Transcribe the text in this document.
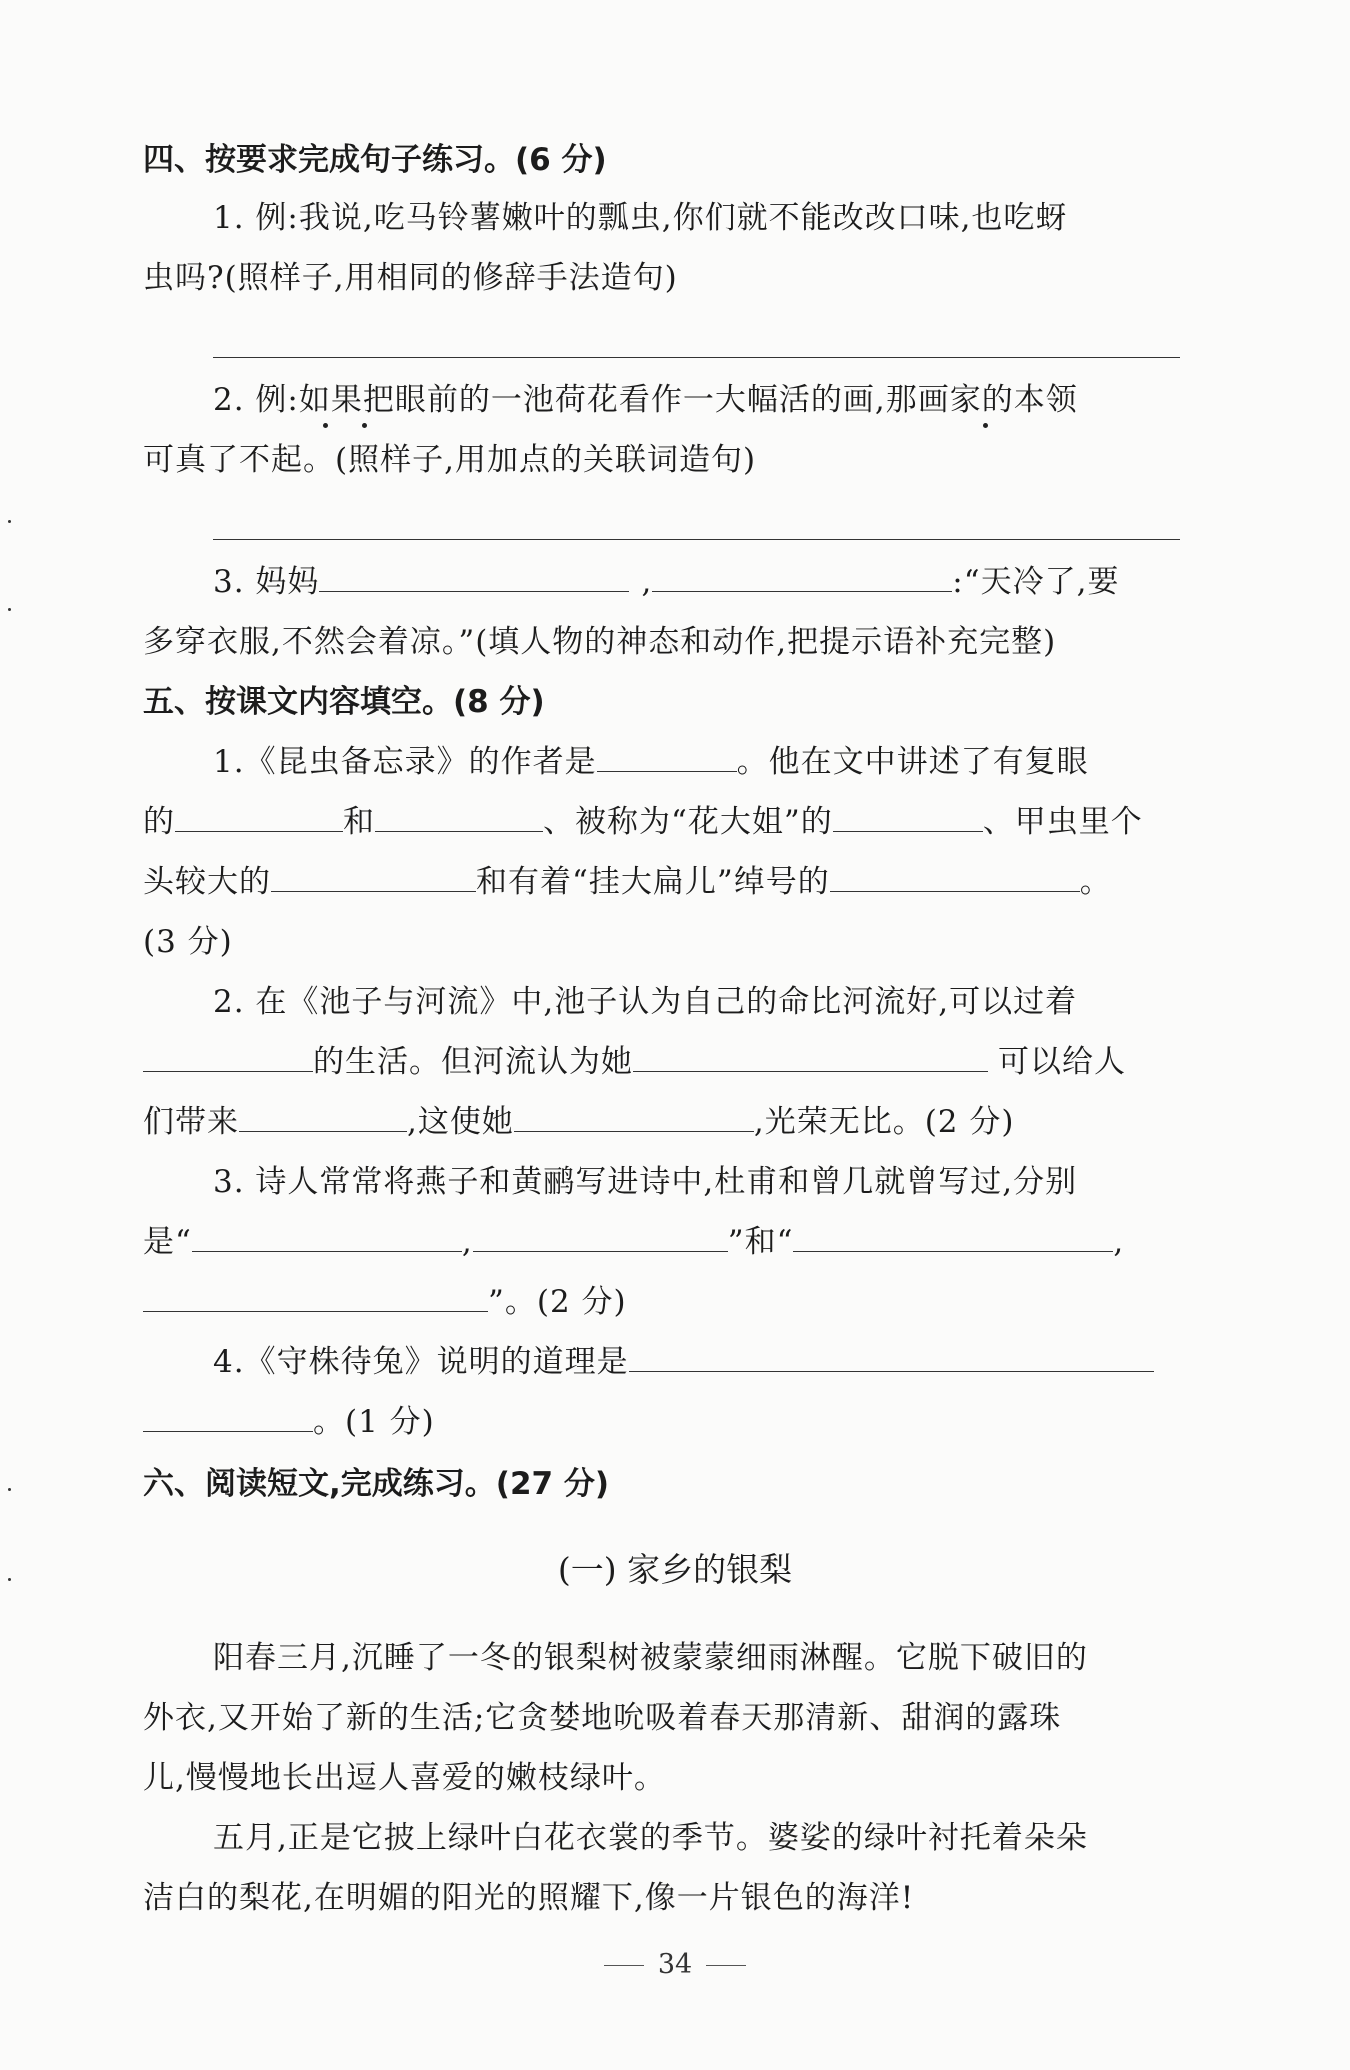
四、按要求完成句子练习。(6 分)
1. 例:我说,吃马铃薯嫩叶的瓢虫,你们就不能改改口味,也吃蚜
虫吗?(照样子,用相同的修辞手法造句)
2. 例:如果把眼前的一池荷花看作一大幅活的画,那画家的本领
可真了不起。(照样子,用加点的关联词造句)
3. 妈妈	,	:“天冷了,要
多穿衣服,不然会着凉。”(填人物的神态和动作,把提示语补充完整)
五、按课文内容填空。(8 分)
1.《昆虫备忘录》的作者是	。他在文中讲述了有复眼
的	和	、被称为“花大姐”的	、甲虫里个
头较大的	和有着“挂大扁儿”绰号的	。
(3 分)
2. 在《池子与河流》中,池子认为自己的命比河流好,可以过着
的生活。但河流认为她	可以给人
们带来	,这使她	,光荣无比。(2 分)
3. 诗人常常将燕子和黄鹂写进诗中,杜甫和曾几就曾写过,分别
是“	,	”和“	,
”。(2 分)
4.《守株待兔》说明的道理是
。(1 分)
六、阅读短文,完成练习。(27 分)
(一) 家乡的银梨
阳春三月,沉睡了一冬的银梨树被蒙蒙细雨淋醒。它脱下破旧的
外衣,又开始了新的生活;它贪婪地吮吸着春天那清新、甜润的露珠
儿,慢慢地长出逗人喜爱的嫩枝绿叶。
五月,正是它披上绿叶白花衣裳的季节。婆娑的绿叶衬托着朵朵
洁白的梨花,在明媚的阳光的照耀下,像一片银色的海洋!
34
